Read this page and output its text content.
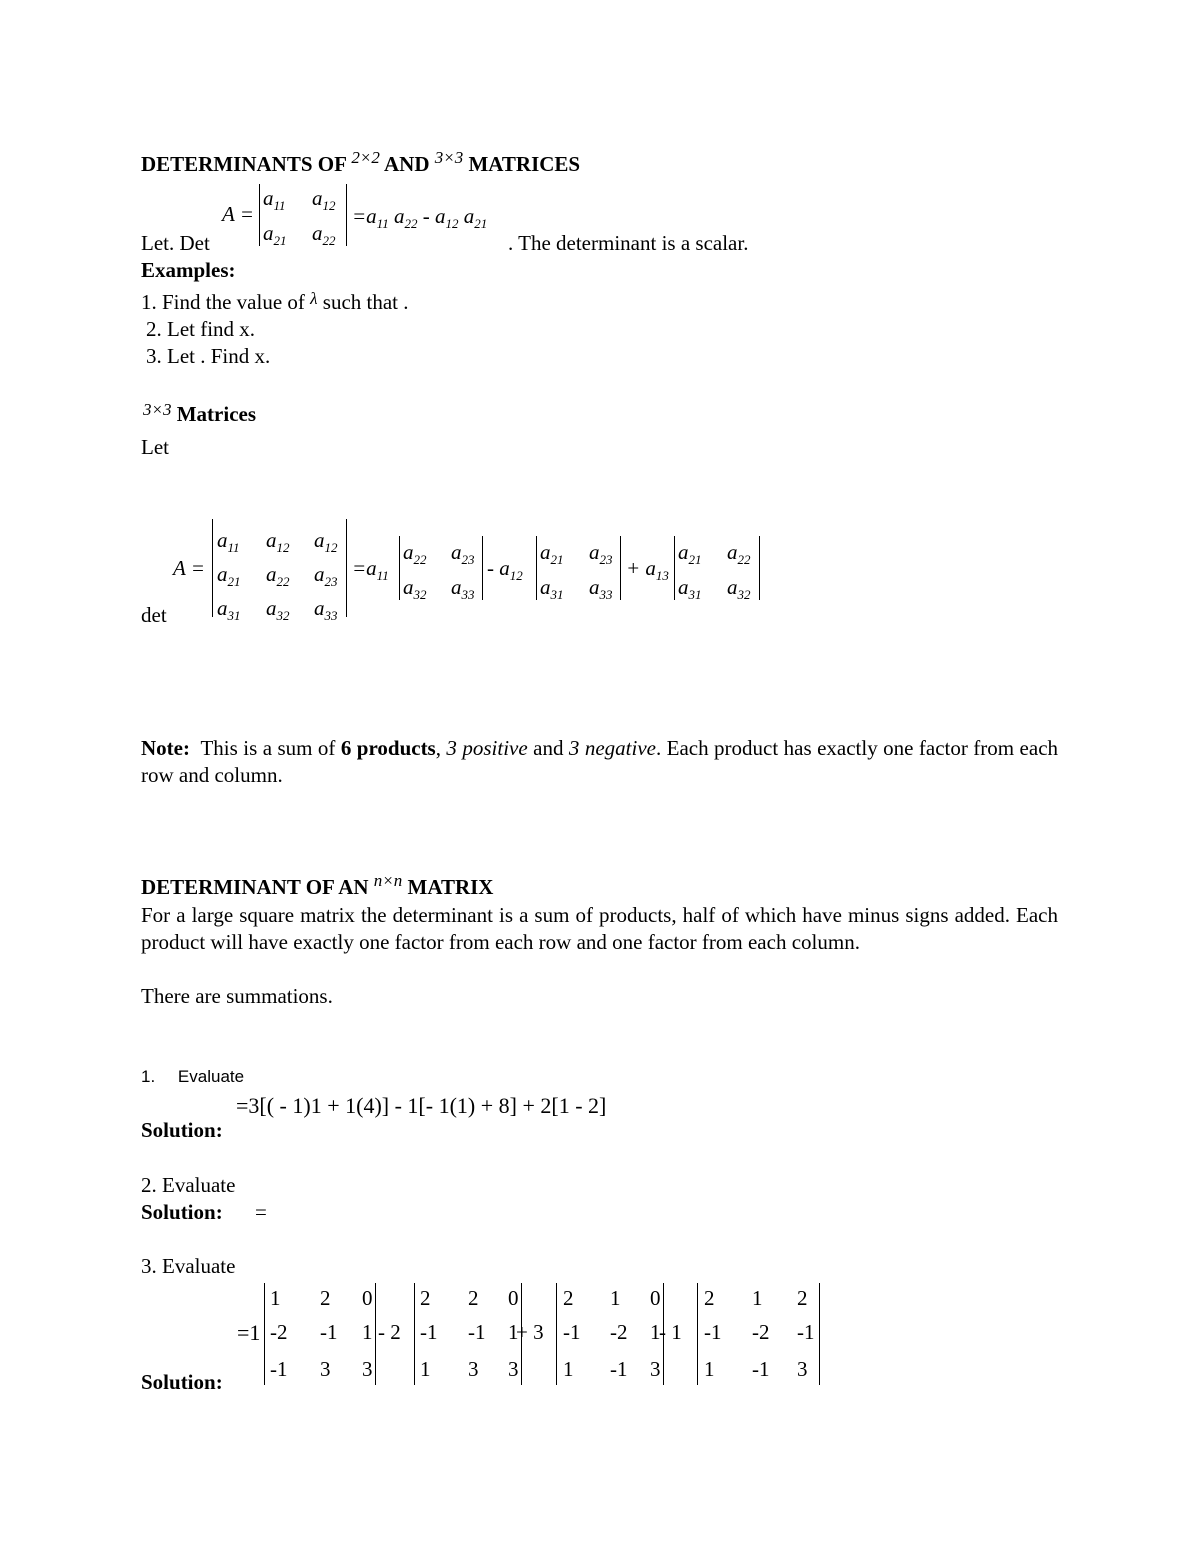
DETERMINANTS OF $^{2\times 2}$ AND $^{3\times 3}$ MATRICES
A =
$a_{11}$ $a_{12}$
$a_{21}$ $a_{22}$
$=a_{11}$ $a_{22} - a_{12}$ $a_{21}$
Let. Det	. The determinant is a scalar.
Examples:
1. Find the value of $^\lambda$ such that .
2. Let find x.
3. Let . Find x.
$^{3\times 3}$ Matrices
Let
A =
$a_{11}$ $a_{12}$ $a_{12}$
$a_{21}$ $a_{22}$ $a_{23}$
$a_{31}$ $a_{32}$ $a_{33}$
$=a_{11}$
$a_{22}$ $a_{23}$
$a_{32}$ $a_{33}$
- $a_{12}$
$a_{21}$ $a_{23}$
$a_{31}$ $a_{33}$
+ $a_{13}$
$a_{21}$ $a_{22}$
$a_{31}$ $a_{32}$
det
Note: This is a sum of 6 products, 3 positive and 3 negative. Each product has exactly one factor from each row and column.
DETERMINANT OF AN $^{n\times n}$ MATRIX
For a large square matrix the determinant is a sum of products, half of which have minus signs added. Each product will have exactly one factor from each row and one factor from each column.
There are summations.
1. Evaluate
=3[( - 1)1 + 1(4)] - 1[- 1(1) + 8] + 2[1 - 2]
Solution:
2. Evaluate
Solution: =
3. Evaluate
Solution:
=1
1 2 0
-2 -1 1
-1 3 3
- 2
2 2 0
-1 -1 1
1 3 3
+ 3
2 1 0
-1 -2 1
1 -1 3
- 1
2 1 2
-1 -2 -1
1 -1 3
